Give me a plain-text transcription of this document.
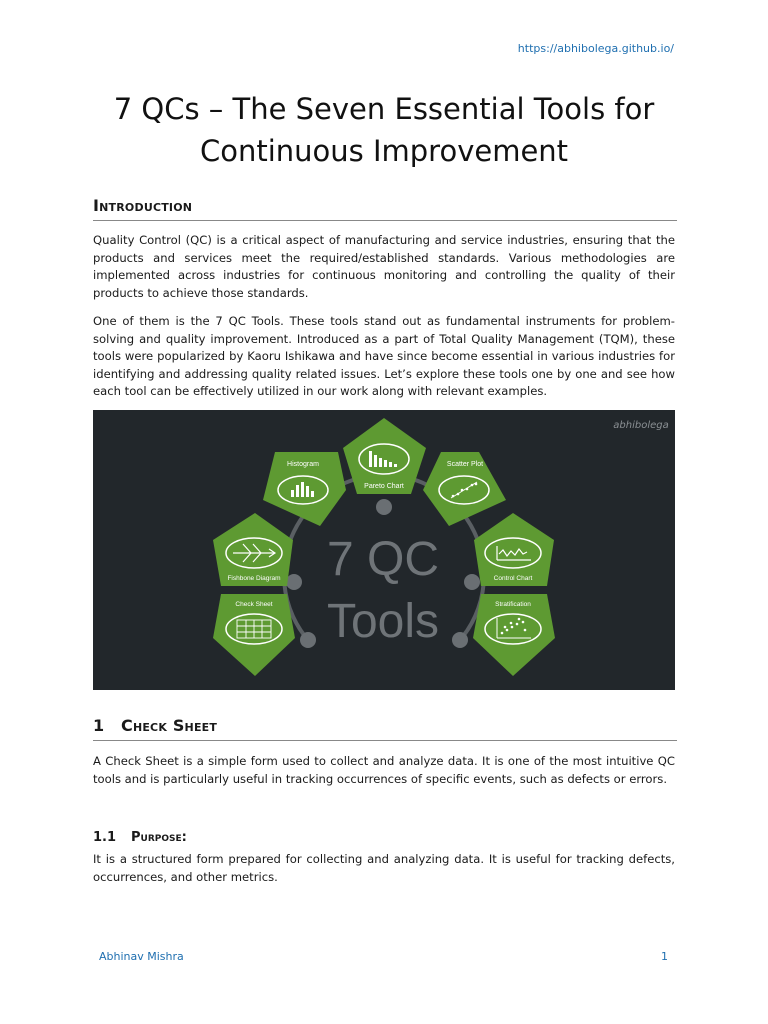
https://abhibolega.github.io/
7 QCs – The Seven Essential Tools for
Continuous Improvement
Introduction

Quality Control (QC) is a critical aspect of manufacturing and service industries, ensuring that the products and services meet the required/established standards. Various methodologies are implemented across industries for continuous monitoring and controlling the quality of their products to achieve those standards.

One of them is the 7 QC Tools. These tools stand out as fundamental instruments for problem-solving and quality improvement. Introduced as a part of Total Quality Management (TQM), these tools were popularized by Kaoru Ishikawa and have since become essential in various industries for identifying and addressing quality related issues. Let’s explore these tools one by one and see how each tool can be effectively utilized in our work along with relevant examples.

abhibolega
7 QC
Tools
Histogram
Pareto Chart
Scatter Plot
Fishbone Diagram	Control Chart
Check Sheet	Stratification
1 Check Sheet

A Check Sheet is a simple form used to collect and analyze data. It is one of the most intuitive QC tools and is particularly useful in tracking occurrences of specific events, such as defects or errors.

1.1 Purpose:

It is a structured form prepared for collecting and analyzing data. It is useful for tracking defects, occurrences, and other metrics.

Abhinav Mishra	1
